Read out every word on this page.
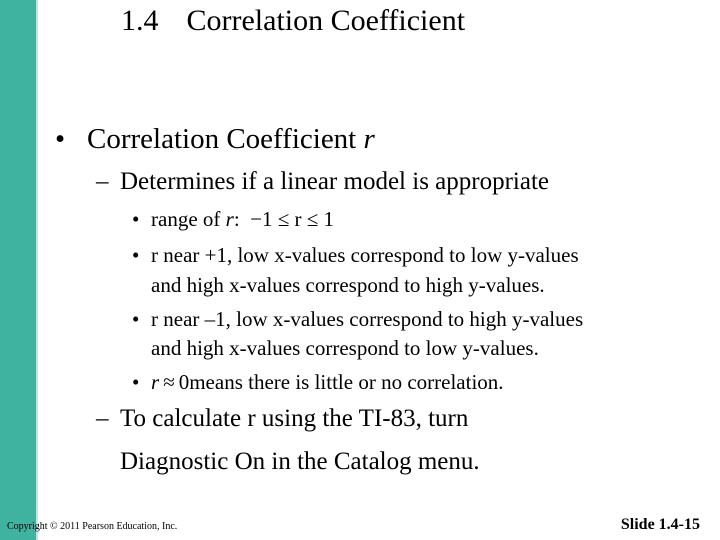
1.4 Correlation Coefficient
• Correlation Coefficient r
– Determines if a linear model is appropriate
• range of r: −1 ≤ r ≤ 1
• r near +1, low x-values correspond to low y-values
and high x-values correspond to high y-values.
• r near –1, low x-values correspond to high y-values
and high x-values correspond to low y-values.
• r ≈ 0means there is little or no correlation.
– To calculate r using the TI-83, turn
Diagnostic On in the Catalog menu.
Copyright © 2011 Pearson Education, Inc.	Slide 1.4-15
